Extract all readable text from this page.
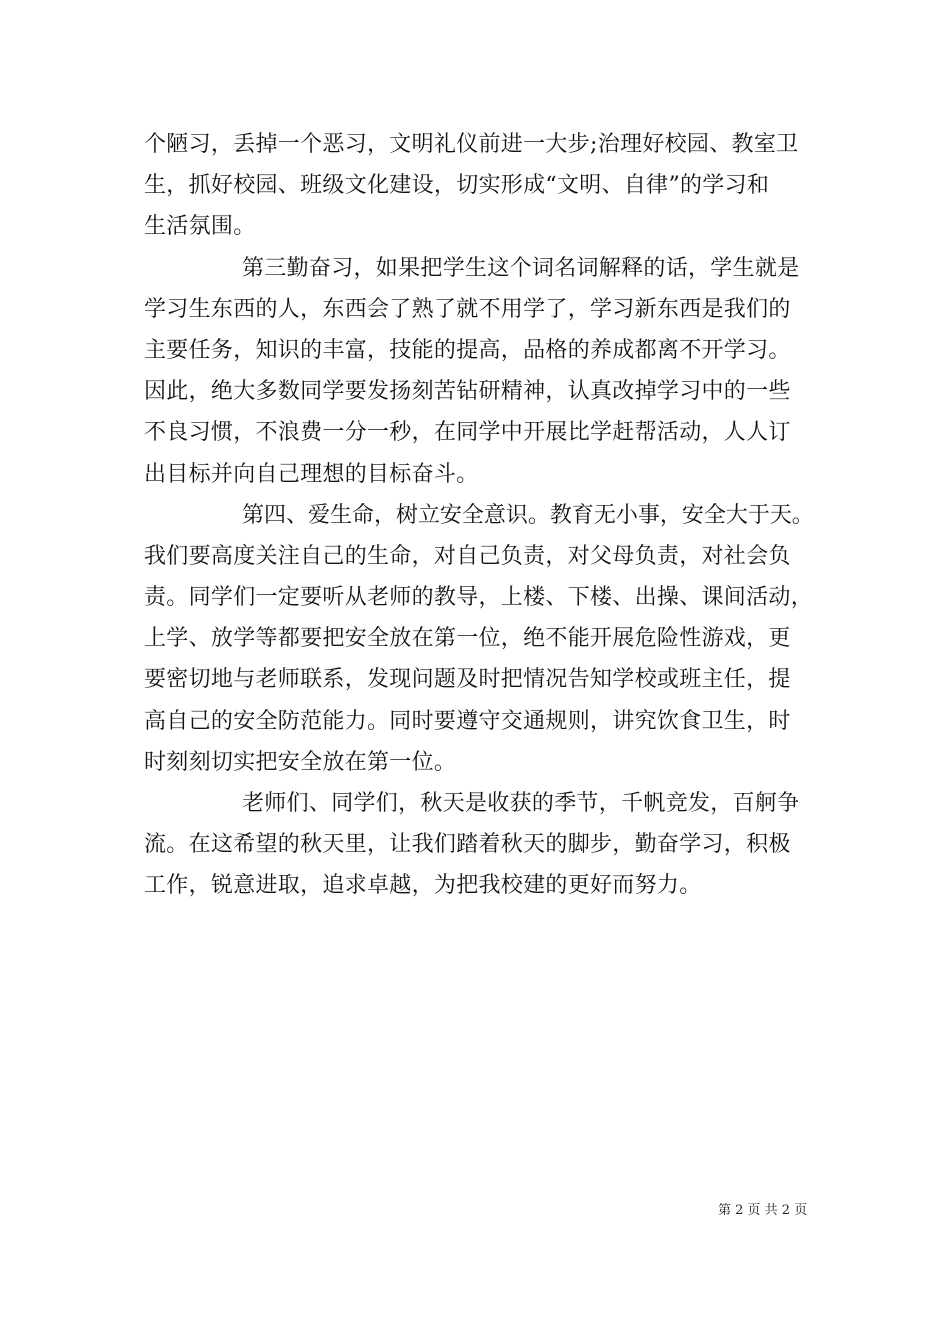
个陋习，丢掉一个恶习，文明礼仪前进一大步;治理好校园、教室卫
生，抓好校园、班级文化建设，切实形成“文明、自律”的学习和
生活氛围。
第三勤奋习，如果把学生这个词名词解释的话，学生就是
学习生东西的人，东西会了熟了就不用学了，学习新东西是我们的
主要任务，知识的丰富，技能的提高，品格的养成都离不开学习。
因此，绝大多数同学要发扬刻苦钻研精神，认真改掉学习中的一些
不良习惯，不浪费一分一秒，在同学中开展比学赶帮活动，人人订
出目标并向自己理想的目标奋斗。
第四、爱生命，树立安全意识。教育无小事，安全大于天。
我们要高度关注自己的生命，对自己负责，对父母负责，对社会负
责。同学们一定要听从老师的教导，上楼、下楼、出操、课间活动，
上学、放学等都要把安全放在第一位，绝不能开展危险性游戏，更
要密切地与老师联系，发现问题及时把情况告知学校或班主任，提
高自己的安全防范能力。同时要遵守交通规则，讲究饮食卫生，时
时刻刻切实把安全放在第一位。
老师们、同学们，秋天是收获的季节，千帆竞发，百舸争
流。在这希望的秋天里，让我们踏着秋天的脚步，勤奋学习，积极
工作，锐意进取，追求卓越，为把我校建的更好而努力。
第 2 页 共 2 页
